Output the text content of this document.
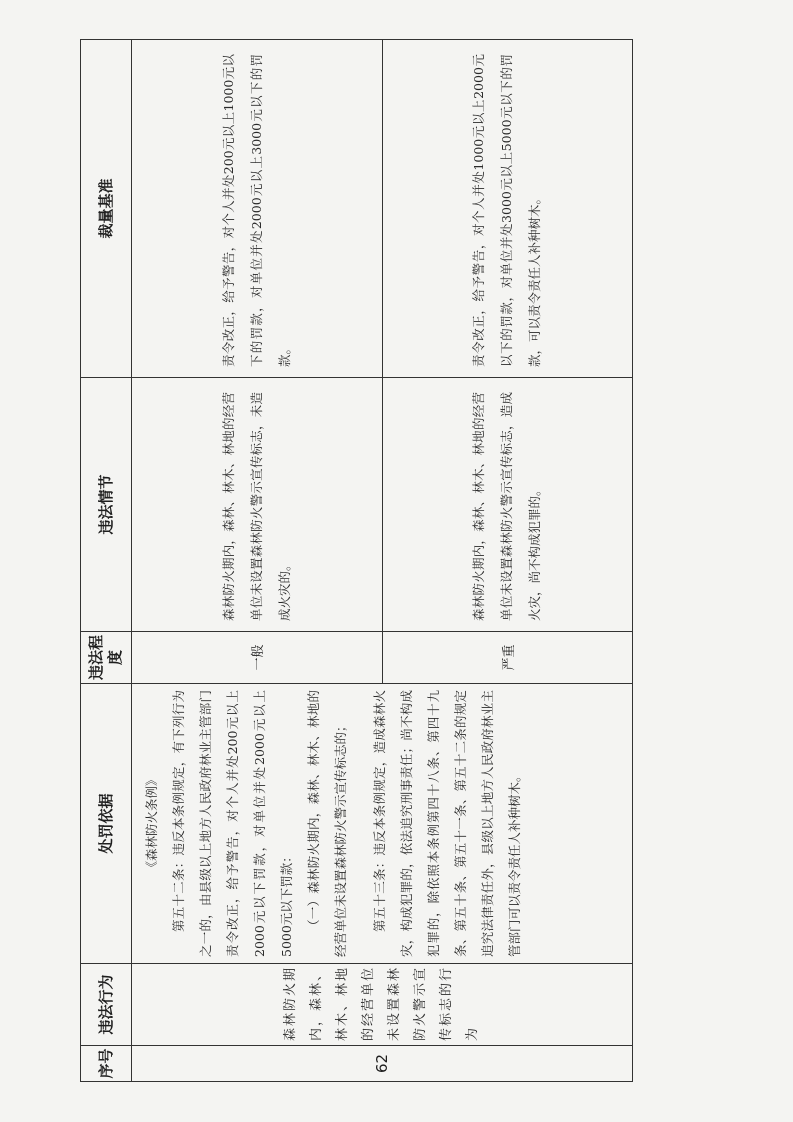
序号	违法行为	处罚依据	违法程度	违法情节	裁量基准
62	森林防火期内，森林、林木、林地的经营单位未设置森林防火警示宣传标志的行为	《森林防火条例》 第五十二条：违反本条例规定，有下列行为之一的，由县级以上地方人民政府林业主管部门责令改正，给予警告，对个人并处200元以上2000元以下罚款，对单位并处2000元以上5000元以下罚款： （一）森林防火期内，森林、林木、林地的经营单位未设置森林防火警示宣传标志的； 第五十三条：违反本条例规定，造成森林火灾，构成犯罪的，依法追究刑事责任；尚不构成犯罪的，除依照本条例第四十八条、第四十九条、第五十条、第五十一条、第五十二条的规定追究法律责任外，县级以上地方人民政府林业主管部门可以责令责任人补种树木。	一般	森林防火期内，森林、林木、林地的经营单位未设置森林防火警示宣传标志，未造成火灾的。	责令改正，给予警告，对个人并处200元以上1000元以下的罚款，对单位并处2000元以上3000元以下的罚款。
			严重	森林防火期内，森林、林木、林地的经营单位未设置森林防火警示宣传标志，造成火灾，尚不构成犯罪的。	责令改正，给予警告，对个人并处1000元以上2000元以下的罚款，对单位并处3000元以上5000元以下的罚款，可以责令责任人补种树木。
